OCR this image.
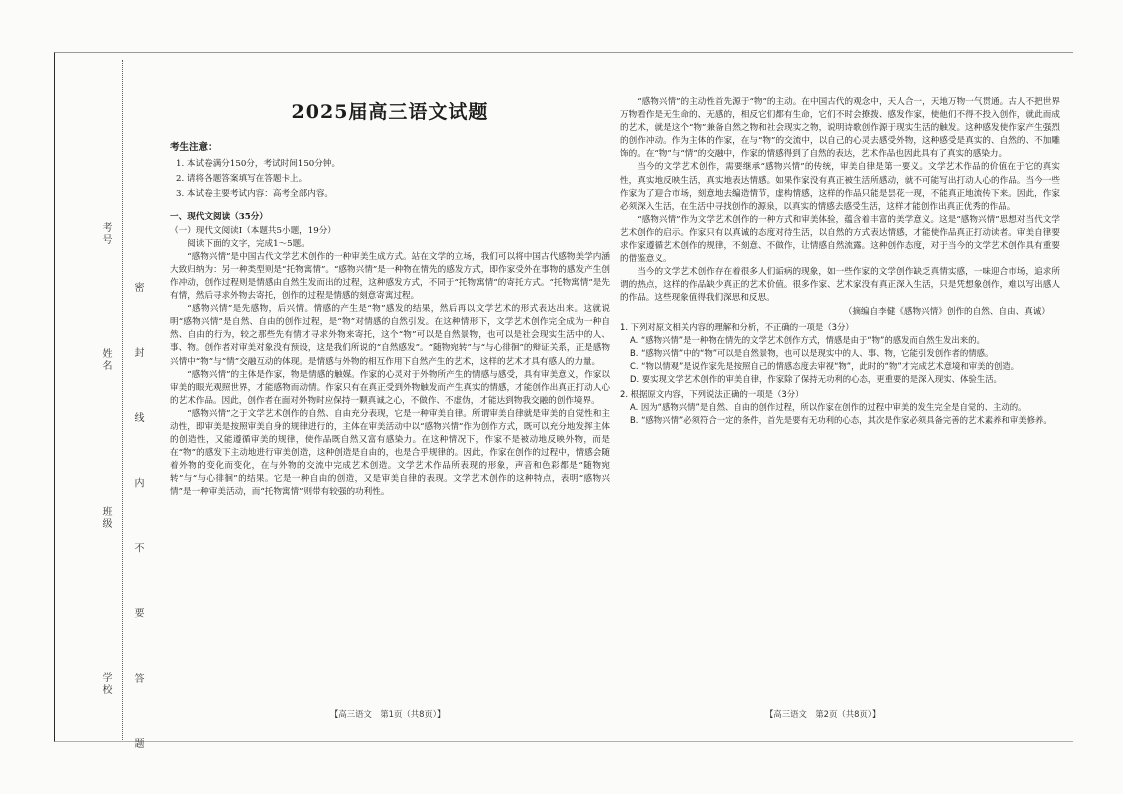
考号
姓名
班级
学校 密 封 线 内 不 要 答 题
2025届高三语文试题
考生注意：
1. 本试卷满分150分，考试时间150分钟。
2. 请将各题答案填写在答题卡上。
3. 本试卷主要考试内容：高考全部内容。
一、现代文阅读（35分）
（一）现代文阅读Ⅰ（本题共5小题，19分）

阅读下面的文字，完成1～5题。

“感物兴情”是中国古代文学艺术创作的一种审美生成方式。站在文学的立场，我们可以将中国古代感物美学内涵大致归纳为：另一种类型则是“托物寓情”。“感物兴情”是一种物在情先的感发方式，即作家受外在事物的感发产生创作冲动，创作过程则是情感由自然生发而出的过程，这种感发方式，不同于“托物寓情”的寄托方式。“托物寓情”是先有情，然后寻求外物去寄托，创作的过程是情感的刻意寄寓过程。

“感物兴情”是先感物，后兴情。情感的产生是“物”感发的结果，然后再以文学艺术的形式表达出来。这就说明“感物兴情”是自然、自由的创作过程，是“物”对情感的自然引发。在这种情形下，文学艺术创作完全成为一种自然、自由的行为，较之那些先有情才寻求外物来寄托，这个“物”可以是自然景物，也可以是社会现实生活中的人、事、物。创作者对审美对象没有预设，这是我们所说的“自然感发”。“随物宛转”与“与心徘徊”的辩证关系，正是感物兴情中“物”与“情”交融互动的体现。是情感与外物的相互作用下自然产生的艺术，这样的艺术才具有感人的力量。

“感物兴情”的主体是作家，物是情感的触媒。作家的心灵对于外物所产生的情感与感受，具有审美意义，作家以审美的眼光观照世界，才能感物而动情。作家只有在真正受到外物触发而产生真实的情感，才能创作出真正打动人心的艺术作品。因此，创作者在面对外物时应保持一颗真诚之心，不做作、不虚伪，才能达到物我交融的创作境界。

“感物兴情”之于文学艺术创作的自然、自由充分表现，它是一种审美自律。所谓审美自律就是审美的自觉性和主动性，即审美是按照审美自身的规律进行的，主体在审美活动中以“感物兴情”作为创作方式，既可以充分地发挥主体的创造性，又能遵循审美的规律，使作品既自然又富有感染力。在这种情况下，作家不是被动地反映外物，而是在“物”的感发下主动地进行审美创造，这种创造是自由的，也是合乎规律的。因此，作家在创作的过程中，情感会随着外物的变化而变化，在与外物的交流中完成艺术创造。文学艺术作品所表现的形象，声音和色彩都是“随物宛转”与“与心徘徊”的结果。它是一种自由的创造，又是审美自律的表现。文学艺术创作的这种特点，表明“感物兴情”是一种审美活动，而“托物寓情”则带有较强的功利性。

“感物兴情”的主动性首先源于“物”的主动。在中国古代的观念中，天人合一，天地万物一气贯通。古人不把世界万物看作是无生命的、无感的，相反它们都有生命，它们不时会撩拨、感发作家，使他们不得不投入创作，就此而成的艺术，就是这个“物”兼备自然之物和社会现实之物，说明诗歌创作源于现实生活的触发。这种感发使作家产生强烈的创作冲动。作为主体的作家，在与“物”的交流中，以自己的心灵去感受外物，这种感受是真实的、自然的、不加雕饰的。在“物”与“情”的交融中，作家的情感得到了自然的表达，艺术作品也因此具有了真实的感染力。

当今的文学艺术创作，需要继承“感物兴情”的传统，审美自律是第一要义。文学艺术作品的价值在于它的真实性，真实地反映生活，真实地表达情感。如果作家没有真正被生活所感动，就不可能写出打动人心的作品。当今一些作家为了迎合市场，刻意地去编造情节，虚构情感，这样的作品只能是昙花一现，不能真正地流传下来。因此，作家必须深入生活，在生活中寻找创作的源泉，以真实的情感去感受生活，这样才能创作出真正优秀的作品。

“感物兴情”作为文学艺术创作的一种方式和审美体验，蕴含着丰富的美学意义。这是“感物兴情”思想对当代文学艺术创作的启示。作家只有以真诚的态度对待生活，以自然的方式表达情感，才能使作品真正打动读者。审美自律要求作家遵循艺术创作的规律，不刻意、不做作，让情感自然流露。这种创作态度，对于当今的文学艺术创作具有重要的借鉴意义。

当今的文学艺术创作存在着很多人们诟病的现象，如一些作家的文学创作缺乏真情实感，一味迎合市场，追求所谓的热点，这样的作品缺少真正的艺术价值。很多作家、艺术家没有真正深入生活，只是凭想象创作，难以写出感人的作品。这些现象值得我们深思和反思。

（摘编自李健《感物兴情》创作的自然、自由、真诚）
1. 下列对原文相关内容的理解和分析，不正确的一项是（3分）
A. “感物兴情”是一种物在情先的文学艺术创作方式，情感是由于“物”的感发而自然生发出来的。
B. “感物兴情”中的“物”可以是自然景物，也可以是现实中的人、事、物，它能引发创作者的情感。
C. “物以情观”是说作家先是按照自己的情感态度去审视“物”，此时的“物”才完成艺术意境和审美的创造。
D. 要实现文学艺术创作的审美自律，作家除了保持无功利的心态，更重要的是深入现实、体验生活。
2. 根据原文内容，下列说法正确的一项是（3分）
A. 因为“感物兴情”是自然、自由的创作过程，所以作家在创作的过程中审美的发生完全是自觉的、主动的。
B. “感物兴情”必须符合一定的条件，首先是要有无功利的心态，其次是作家必须具备完善的艺术素养和审美修养。
【高三语文　第1页（共8页）】	【高三语文　第2页（共8页）】
